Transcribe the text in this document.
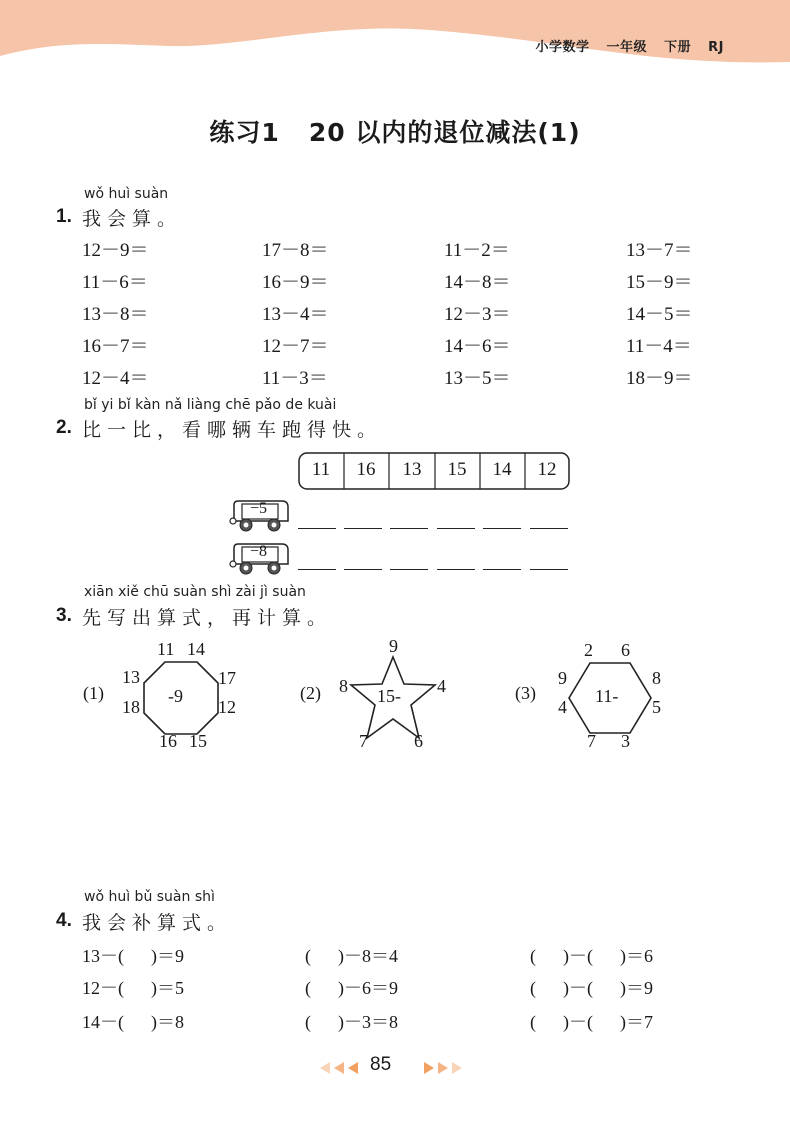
小学数学 一年级 下册 RJ
练习1   20 以内的退位减法(1)
wǒ huì suàn
1. 我会算。
12－9＝	17－8＝	11－2＝	13－7＝
11－6＝	16－9＝	14－8＝	15－9＝
13－8＝	13－4＝	12－3＝	14－5＝
16－7＝	12－7＝	14－6＝	11－4＝
12－4＝	11－3＝	13－5＝	18－9＝
bǐ yi bǐ kàn nǎ liàng chē pǎo de kuài
2. 比一比，看哪辆车跑得快。
11	16	13	15	14	12
−5
−8
xiān xiě chū suàn shì zài jì suàn
3. 先写出算式，再计算。
(1)	-9
11 14
17
12
15
16
18
13
(2)	15-
9
4
6
7
8	(3)	11-
2 6
8
5
3
7
4
9
wǒ huì bǔ suàn shì
4. 我会补算式。
13－(      )＝9	(      )－8＝4	(      )－(      )＝6
12－(      )＝5	(      )－6＝9	(      )－(      )＝9
14－(      )＝8	(      )－3＝8	(      )－(      )＝7
85
